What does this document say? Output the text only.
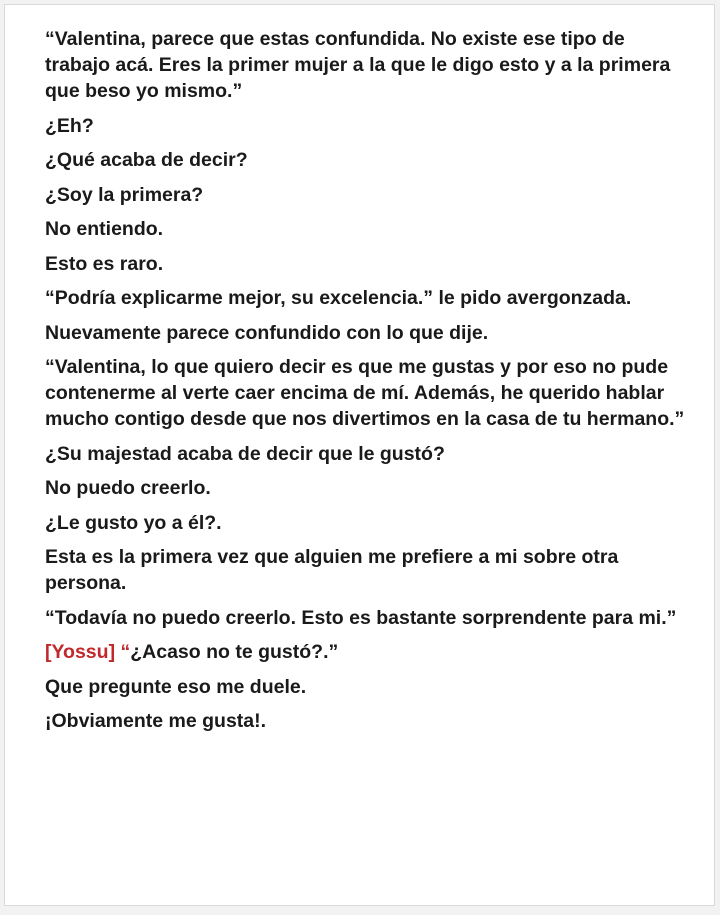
“Valentina, parece que estas confundida. No existe ese tipo de trabajo acá. Eres la primer mujer a la que le digo esto y a la primera que beso yo mismo.”

¿Eh?

¿Qué acaba de decir?

¿Soy la primera?

No entiendo.

Esto es raro.

“Podría explicarme mejor, su excelencia.” le pido avergonzada.

Nuevamente parece confundido con lo que dije.

“Valentina, lo que quiero decir es que me gustas y por eso no pude contenerme al verte caer encima de mí. Además, he querido hablar mucho contigo desde que nos divertimos en la casa de tu hermano.”

¿Su majestad acaba de decir que le gustó?

No puedo creerlo.

¿Le gusto yo a él?.

Esta es la primera vez que alguien me prefiere a mi sobre otra persona.

“Todavía no puedo creerlo. Esto es bastante sorprendente para mi.”

[Yossu] “¿Acaso no te gustó?.”

Que pregunte eso me duele.

¡Obviamente me gusta!.
